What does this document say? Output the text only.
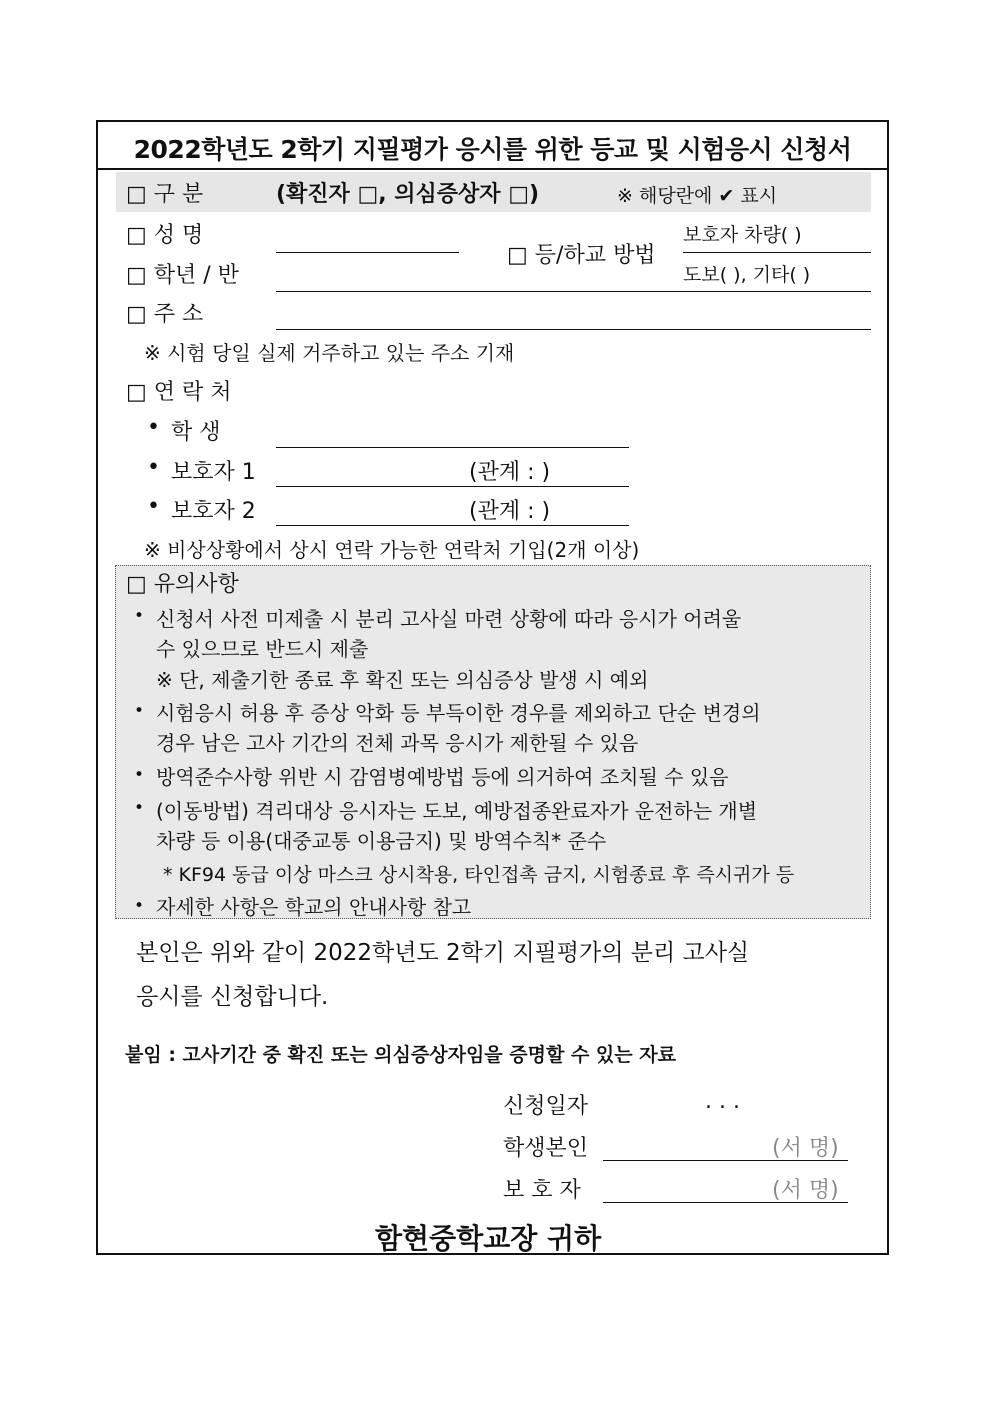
2022학년도 2학기 지필평가 응시를 위한 등교 및 시험응시 신청서
□ 구 분	(확진자 □, 의심증상자 □)	※ 해당란에 ✔ 표시
□ 성 명
□ 학년 / 반
□ 등/하교 방법
보호자 차량( )
도보( ), 기타( )
□ 주 소
※ 시험 당일 실제 거주하고 있는 주소 기재
□ 연 락 처
• 학 생
• 보호자 1	(관계 : )
• 보호자 2	(관계 : )
※ 비상상황에서 상시 연락 가능한 연락처 기입(2개 이상)
□ 유의사항
• 신청서 사전 미제출 시 분리 고사실 마련 상황에 따라 응시가 어려울
수 있으므로 반드시 제출
※ 단, 제출기한 종료 후 확진 또는 의심증상 발생 시 예외
• 시험응시 허용 후 증상 악화 등 부득이한 경우를 제외하고 단순 변경의
경우 남은 고사 기간의 전체 과목 응시가 제한될 수 있음
• 방역준수사항 위반 시 감염병예방법 등에 의거하여 조치될 수 있음
• (이동방법) 격리대상 응시자는 도보, 예방접종완료자가 운전하는 개별
차량 등 이용(대중교통 이용금지) 및 방역수칙* 준수
* KF94 동급 이상 마스크 상시착용, 타인접촉 금지, 시험종료 후 즉시귀가 등
• 자세한 사항은 학교의 안내사항 참고
본인은 위와 같이 2022학년도 2학기 지필평가의 분리 고사실
응시를 신청합니다.
붙임 : 고사기간 중 확진 또는 의심증상자임을 증명할 수 있는 자료
신청일자	. . .
학생본인	(서 명)
보 호 자	(서 명)
함현중학교장 귀하
